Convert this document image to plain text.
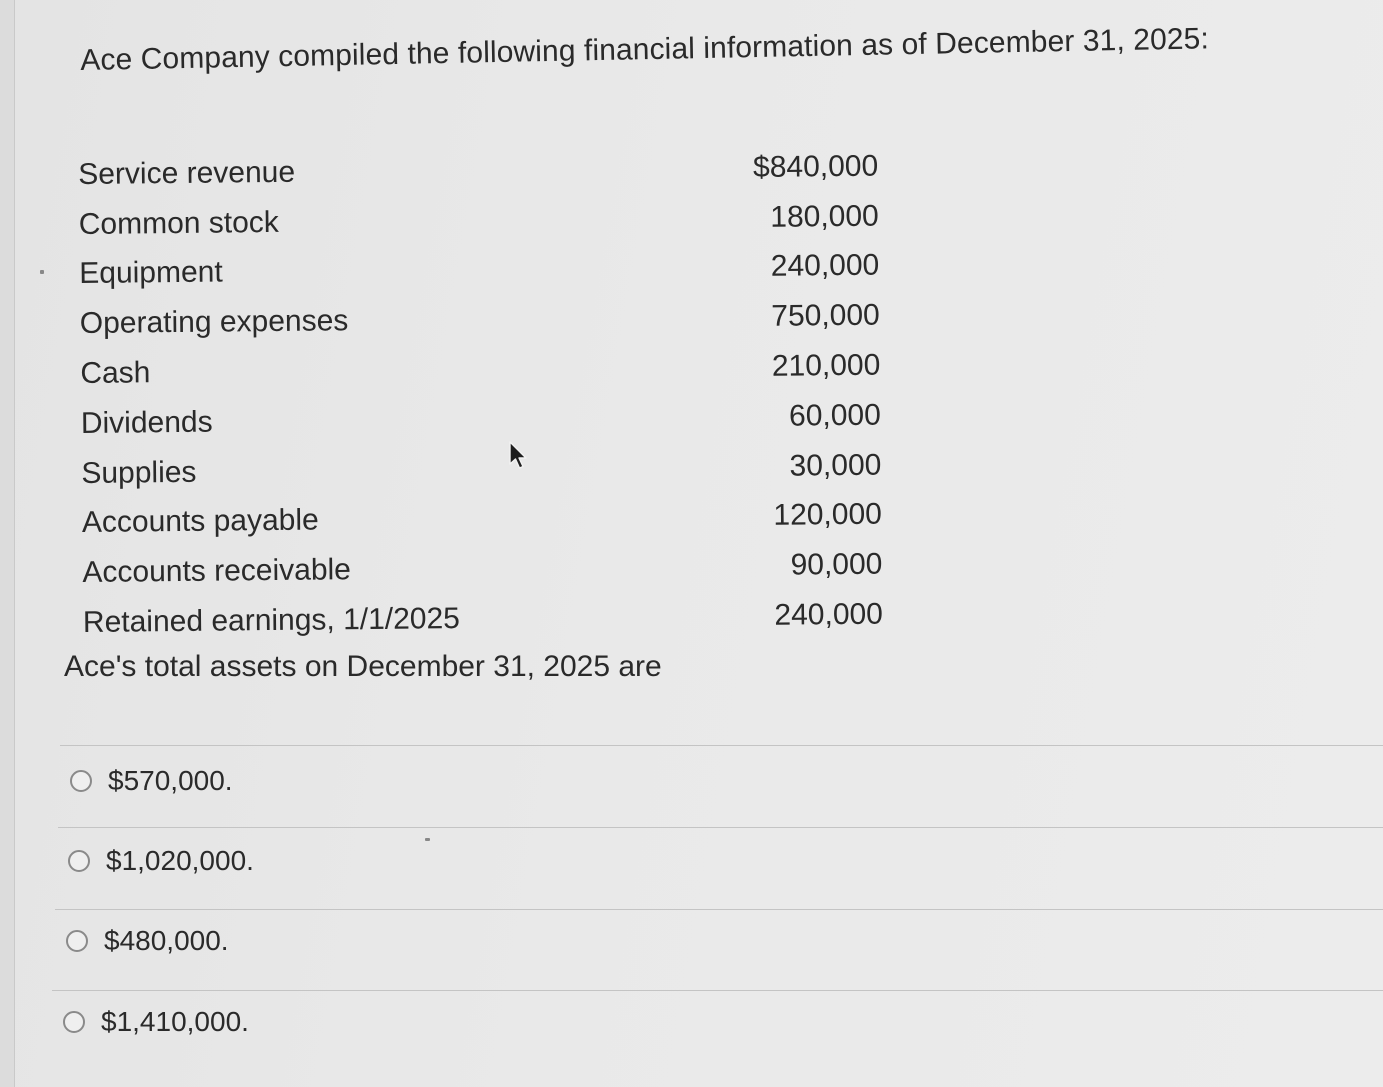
Ace Company compiled the following financial information as of December 31, 2025:
Service revenue	$840,000
Common stock	180,000
Equipment	240,000
Operating expenses	750,000
Cash	210,000
Dividends	60,000
Supplies	30,000
Accounts payable	120,000
Accounts receivable	90,000
Retained earnings, 1/1/2025	240,000
Ace's total assets on December 31, 2025 are
$570,000.
$1,020,000.
$480,000.
$1,410,000.
